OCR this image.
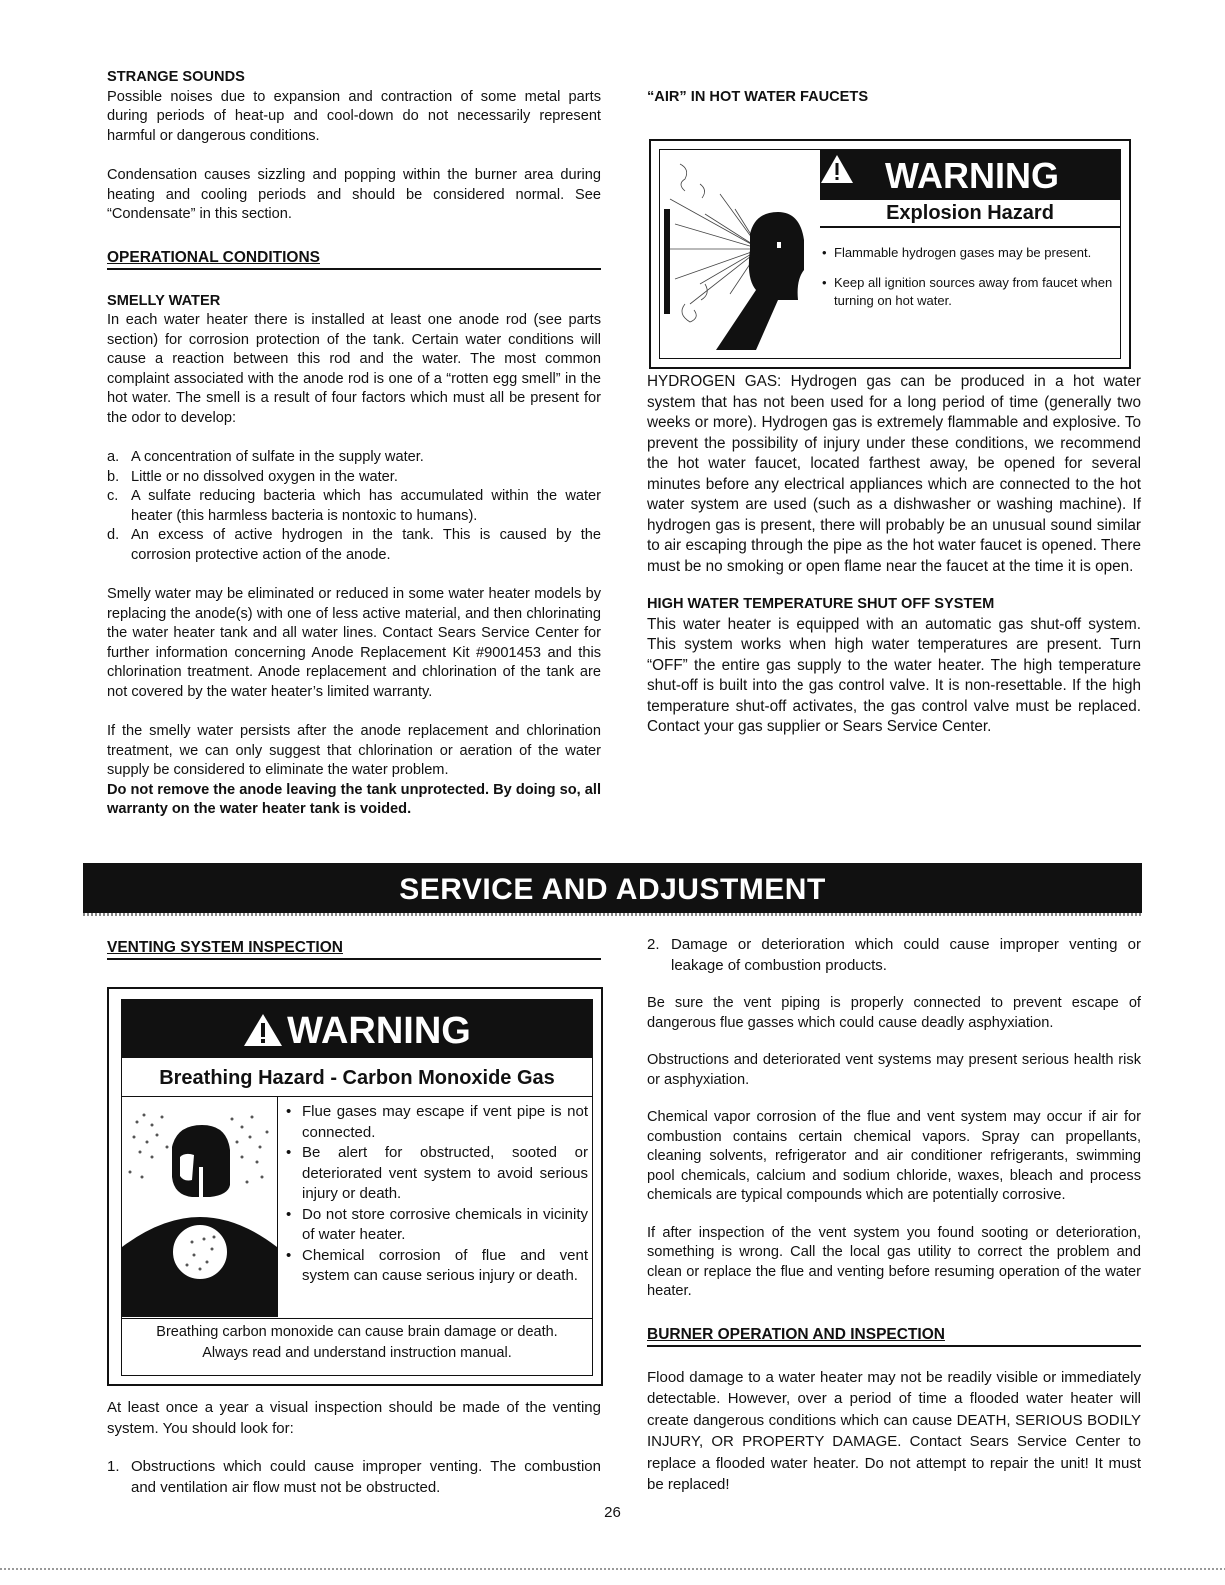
STRANGE SOUNDS

Possible noises due to expansion and contraction of some metal parts during periods of heat-up and cool-down do not necessarily represent harmful or dangerous conditions.

Condensation causes sizzling and popping within the burner area during heating and cooling periods and should be considered normal. See “Condensate” in this section.

OPERATIONAL CONDITIONS
SMELLY WATER

In each water heater there is installed at least one anode rod (see parts section) for corrosion protection of the tank. Certain water conditions will cause a reaction between this rod and the water. The most common complaint associated with the anode rod is one of a “rotten egg smell” in the hot water. The smell is a result of four factors which must all be present for the odor to develop:

a. A concentration of sulfate in the supply water.
b. Little or no dissolved oxygen in the water.
c. A sulfate reducing bacteria which has accumulated within the water heater (this harmless bacteria is nontoxic to humans).
d. An excess of active hydrogen in the tank. This is caused by the corrosion protective action of the anode.

Smelly water may be eliminated or reduced in some water heater models by replacing the anode(s) with one of less active material, and then chlorinating the water heater tank and all water lines. Contact Sears Service Center for further information concerning Anode Replacement Kit #9001453 and this chlorination treatment. Anode replacement and chlorination of the tank are not covered by the water heater’s limited warranty.

If the smelly water persists after the anode replacement and chlorination treatment, we can only suggest that chlorination or aeration of the water supply be considered to eliminate the water problem.

Do not remove the anode leaving the tank unprotected. By doing so, all warranty on the water heater tank is voided.

“AIR” IN HOT WATER FAUCETS
WARNING
Explosion Hazard
• Flammable hydrogen gases may be present.
• Keep all ignition sources away from faucet when turning on hot water.

HYDROGEN GAS: Hydrogen gas can be produced in a hot water system that has not been used for a long period of time (generally two weeks or more). Hydrogen gas is extremely flammable and explosive. To prevent the possibility of injury under these conditions, we recommend the hot water faucet, located farthest away, be opened for several minutes before any electrical appliances which are connected to the hot water system are used (such as a dishwasher or washing machine). If hydrogen gas is present, there will probably be an unusual sound similar to air escaping through the pipe as the hot water faucet is opened. There must be no smoking or open flame near the faucet at the time it is open.

HIGH WATER TEMPERATURE SHUT OFF SYSTEM

This water heater is equipped with an automatic gas shut-off system. This system works when high water temperatures are present. Turn “OFF” the entire gas supply to the water heater. The high temperature shut-off is built into the gas control valve. It is non-resettable. If the high temperature shut-off activates, the gas control valve must be replaced. Contact your gas supplier or Sears Service Center.

SERVICE AND ADJUSTMENT
VENTING SYSTEM INSPECTION
WARNING
Breathing Hazard - Carbon Monoxide Gas
• Flue gases may escape if vent pipe is not connected.
• Be alert for obstructed, sooted or deteriorated vent system to avoid serious injury or death.
• Do not store corrosive chemicals in vicinity of water heater.
• Chemical corrosion of flue and vent system can cause serious injury or death.
Breathing carbon monoxide can cause brain damage or death.
Always read and understand instruction manual.

At least once a year a visual inspection should be made of the venting system. You should look for:

1. Obstructions which could cause improper venting. The combustion and ventilation air flow must not be obstructed.
2. Damage or deterioration which could cause improper venting or leakage of combustion products.

Be sure the vent piping is properly connected to prevent escape of dangerous flue gasses which could cause deadly asphyxiation.

Obstructions and deteriorated vent systems may present serious health risk or asphyxiation.

Chemical vapor corrosion of the flue and vent system may occur if air for combustion contains certain chemical vapors. Spray can propellants, cleaning solvents, refrigerator and air conditioner refrigerants, swimming pool chemicals, calcium and sodium chloride, waxes, bleach and process chemicals are typical compounds which are potentially corrosive.

If after inspection of the vent system you found sooting or deterioration, something is wrong. Call the local gas utility to correct the problem and clean or replace the flue and venting before resuming operation of the water heater.

BURNER OPERATION AND INSPECTION

Flood damage to a water heater may not be readily visible or immediately detectable. However, over a period of time a flooded water heater will create dangerous conditions which can cause DEATH, SERIOUS BODILY INJURY, OR PROPERTY DAMAGE. Contact Sears Service Center to replace a flooded water heater. Do not attempt to repair the unit! It must be replaced!

26
